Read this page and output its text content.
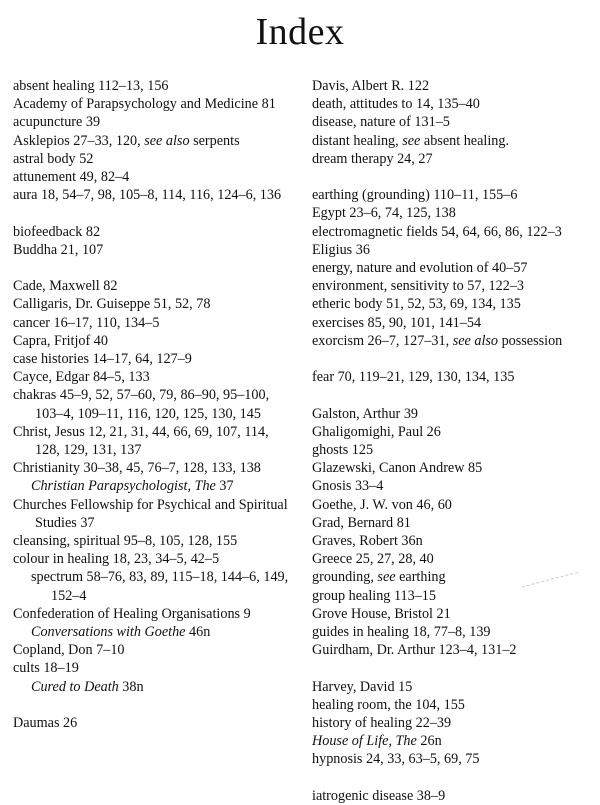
Index
absent healing 112–13, 156
Academy of Parapsychology and Medicine 81
acupuncture 39
Asklepios 27–33, 120, see also serpents
astral body 52
attunement 49, 82–4
aura 18, 54–7, 98, 105–8, 114, 116, 124–6, 136
biofeedback 82
Buddha 21, 107
Cade, Maxwell 82
Calligaris, Dr. Guiseppe 51, 52, 78
cancer 16–17, 110, 134–5
Capra, Fritjof 40
case histories 14–17, 64, 127–9
Cayce, Edgar 84–5, 133
chakras 45–9, 52, 57–60, 79, 86–90, 95–100, 103–4, 109–11, 116, 120, 125, 130, 145
Christ, Jesus 12, 21, 31, 44, 66, 69, 107, 114, 128, 129, 131, 137
Christianity 30–38, 45, 76–7, 128, 133, 138
Christian Parapsychologist, The 37
Churches Fellowship for Psychical and Spiritual Studies 37
cleansing, spiritual 95–8, 105, 128, 155
colour in healing 18, 23, 34–5, 42–5
spectrum 58–76, 83, 89, 115–18, 144–6, 149, 152–4
Confederation of Healing Organisations 9
Conversations with Goethe 46n
Copland, Don 7–10
cults 18–19
Cured to Death 38n
Daumas 26
Davis, Albert R. 122
death, attitudes to 14, 135–40
disease, nature of 131–5
distant healing, see absent healing.
dream therapy 24, 27
earthing (grounding) 110–11, 155–6
Egypt 23–6, 74, 125, 138
electromagnetic fields 54, 64, 66, 86, 122–3
Eligius 36
energy, nature and evolution of 40–57
environment, sensitivity to 57, 122–3
etheric body 51, 52, 53, 69, 134, 135
exercises 85, 90, 101, 141–54
exorcism 26–7, 127–31, see also possession
fear 70, 119–21, 129, 130, 134, 135
Galston, Arthur 39
Ghaligomighi, Paul 26
ghosts 125
Glazewski, Canon Andrew 85
Gnosis 33–4
Goethe, J. W. von 46, 60
Grad, Bernard 81
Graves, Robert 36n
Greece 25, 27, 28, 40
grounding, see earthing
group healing 113–15
Grove House, Bristol 21
guides in healing 18, 77–8, 139
Guirdham, Dr. Arthur 123–4, 131–2
Harvey, David 15
healing room, the 104, 155
history of healing 22–39
House of Life, The 26n
hypnosis 24, 33, 63–5, 69, 75
iatrogenic disease 38–9
